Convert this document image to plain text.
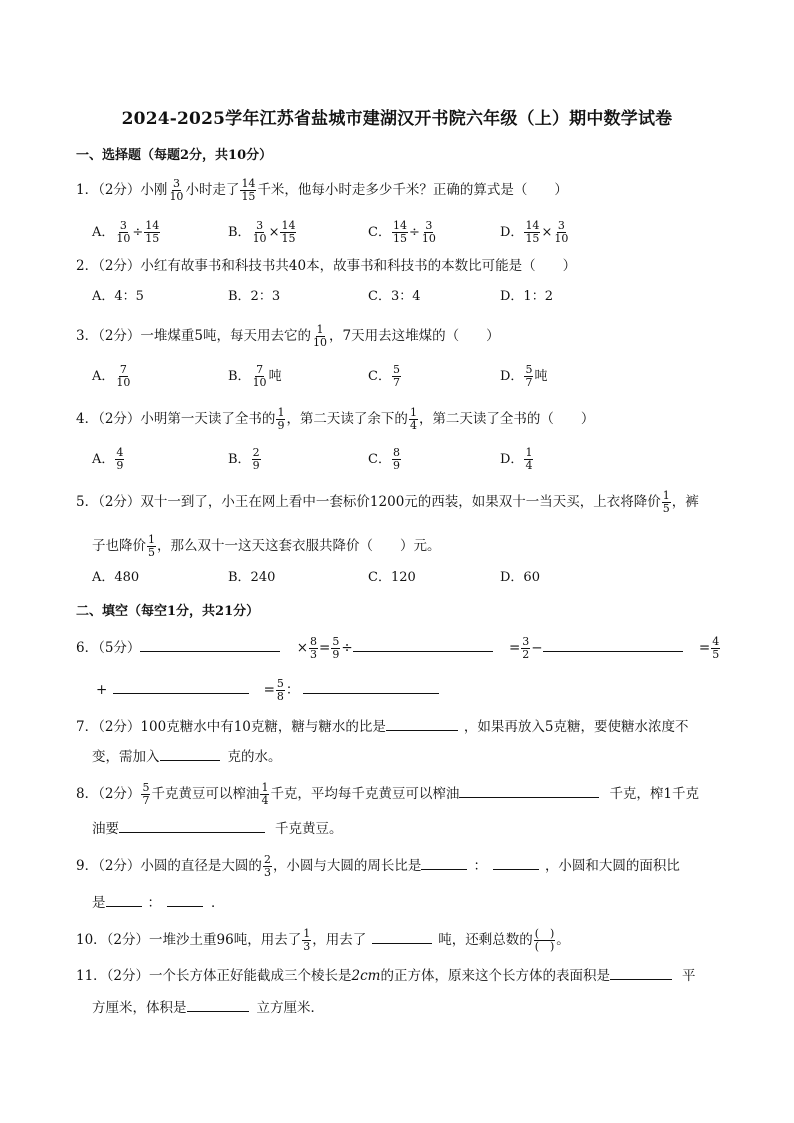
2024-2025学年江苏省盐城市建湖汉开书院六年级（上）期中数学试卷
一、选择题（每题2分，共10分）
1．（2分）小刚 $\frac{3}{10}$ 小时走了 $\frac{14}{15}$ 千米，他每小时走多少千米？正确的算式是（　　）
A． $\frac{3}{10} \div \frac{14}{15}$	B． $\frac{3}{10} \times \frac{14}{15}$	C． $\frac{14}{15} \div \frac{3}{10}$	D． $\frac{14}{15} \times \frac{3}{10}$
2．（2分）小红有故事书和科技书共40本，故事书和科技书的本数比可能是（　　）
A．4：5	B．2：3	C．3：4	D．1：2
3．（2分）一堆煤重5吨，每天用去它的 $\frac{1}{10}$ ，7天用去这堆煤的（　　）
A． $\frac{7}{10}$	B． $\frac{7}{10}$ 吨	C． $\frac{5}{7}$	D． $\frac{5}{7}$ 吨
4．（2分）小明第一天读了全书的 $\frac{1}{9}$ ，第二天读了余下的 $\frac{1}{4}$ ，第二天读了全书的（　　）
A． $\frac{4}{9}$	B． $\frac{2}{9}$	C． $\frac{8}{9}$	D． $\frac{1}{4}$
5．（2分）双十一到了，小王在网上看中一套标价1200元的西装，如果双十一当天买，上衣将降价 $\frac{1}{5}$ ，裤
子也降价 $\frac{1}{5}$ ，那么双十一这天这套衣服共降价（　　）元。
A．480	B．240	C．120	D．60
二、填空（每空1分，共21分）
6．（5分）	× $\frac{8}{3} = \frac{5}{9}$ ÷	= $\frac{3}{2}$ −	= $\frac{4}{5}$
+	= $\frac{5}{8}$ ：
7．（2分）100克糖水中有10克糖，糖与糖水的比是	，如果再放入5克糖，要使糖水浓度不
变，需加入	克的水。
8．（2分） $\frac{5}{7}$ 千克黄豆可以榨油 $\frac{1}{4}$ 千克，平均每千克黄豆可以榨油	千克，榨1千克
油要	千克黄豆。
9．（2分）小圆的直径是大圆的 $\frac{2}{3}$ ，小圆与大圆的周长比是	：	，小圆和大圆的面积比
是	：	．
10．（2分）一堆沙土重96吨，用去了 $\frac{1}{3}$ ，用去了	吨，还剩总数的 $\frac{( )}{( )}$ 。
11．（2分）一个长方体正好能截成三个棱长是2cm的正方体，原来这个长方体的表面积是	平
方厘米，体积是	立方厘米．
